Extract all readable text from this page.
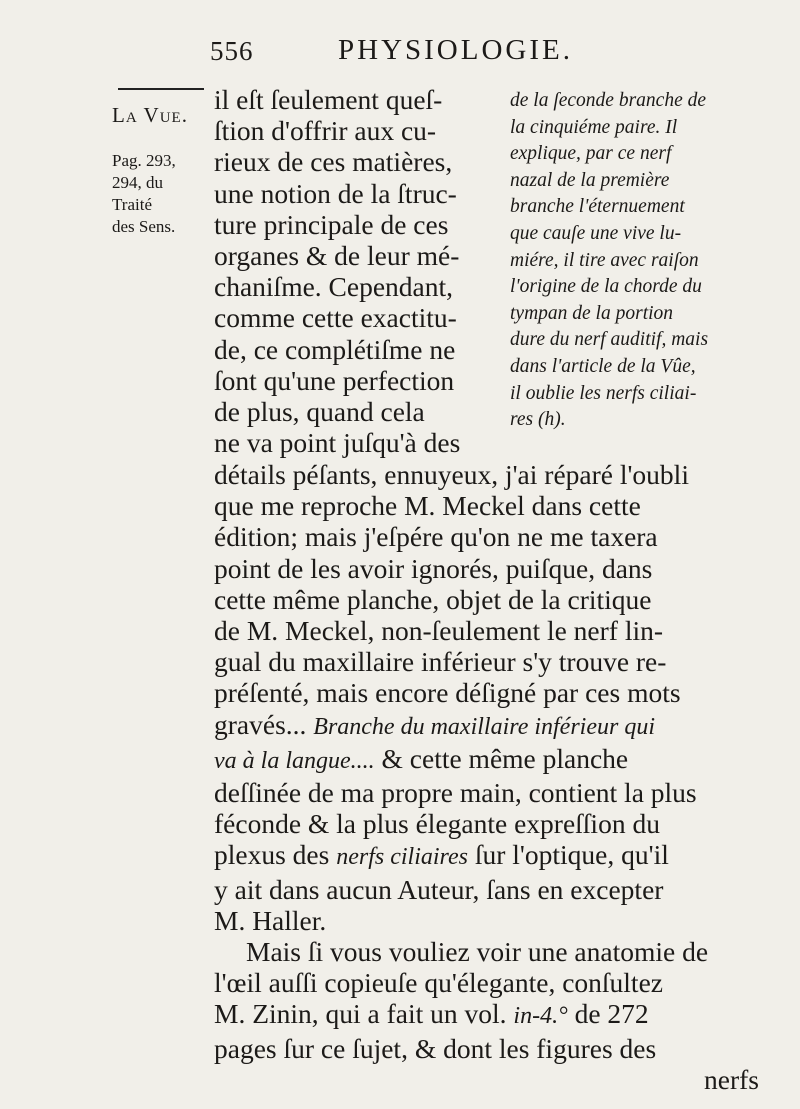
556	PHYSIOLOGIE.
La Vue.
Pag. 293,
294, du
Traité
des Sens.
il eſt ſeulement queſ-
ſtion d'offrir aux cu-
rieux de ces matières,
une notion de la ſtruc-
ture principale de ces
organes & de leur mé-
chaniſme. Cependant,
comme cette exactitu-
de, ce complétiſme ne
ſont qu'une perfection
de plus, quand cela
ne va point juſqu'à des
de la ſeconde branche de
la cinquiéme paire. Il
explique, par ce nerf
nazal de la première
branche l'éternuement
que cauſe une vive lu-
miére, il tire avec raiſon
l'origine de la chorde du
tympan de la portion
dure du nerf auditif, mais
dans l'article de la Vûe,
il oublie les nerfs ciliai-
res (h).
détails péſants, ennuyeux, j'ai réparé l'oubli
que me reproche M. Meckel dans cette
édition; mais j'eſpére qu'on ne me taxera
point de les avoir ignorés, puiſque, dans
cette même planche, objet de la critique
de M. Meckel, non-ſeulement le nerf lin-
gual du maxillaire inférieur s'y trouve re-
préſenté, mais encore déſigné par ces mots
gravés... Branche du maxillaire inférieur qui
va à la langue.... & cette même planche
deſſinée de ma propre main, contient la plus
féconde & la plus élegante expreſſion du
plexus des nerfs ciliaires ſur l'optique, qu'il
y ait dans aucun Auteur, ſans en excepter
M. Haller.
Mais ſi vous vouliez voir une anatomie de
l'œil auſſi copieuſe qu'élegante, conſultez
M. Zinin, qui a fait un vol. in-4.° de 272
pages ſur ce ſujet, & dont les figures des
nerfs
